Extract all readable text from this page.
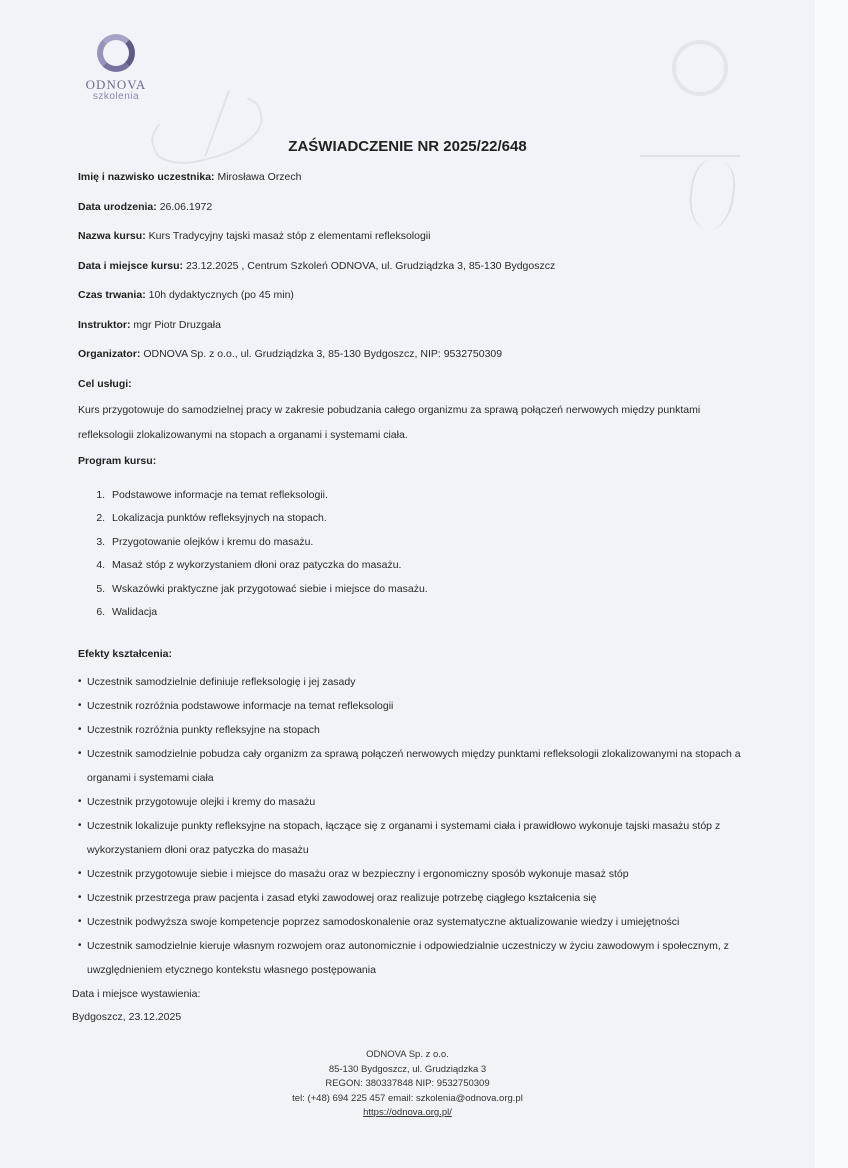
ODNOVA
szkolenia
ZAŚWIADCZENIE NR 2025/22/648
Imię i nazwisko uczestnika: Mirosława Orzech
Data urodzenia: 26.06.1972
Nazwa kursu: Kurs Tradycyjny tajski masaż stóp z elementami refleksologii
Data i miejsce kursu: 23.12.2025 , Centrum Szkoleń ODNOVA, ul. Grudziądzka 3, 85-130 Bydgoszcz
Czas trwania: 10h dydaktycznych (po 45 min)
Instruktor: mgr Piotr Druzgała
Organizator: ODNOVA Sp. z o.o., ul. Grudziądzka 3, 85-130 Bydgoszcz, NIP: 9532750309
Cel usługi:
Kurs przygotowuje do samodzielnej pracy w zakresie pobudzania całego organizmu za sprawą połączeń nerwowych między punktami refleksologii zlokalizowanymi na stopach a organami i systemami ciała.
Program kursu:
1. Podstawowe informacje na temat refleksologii.
2. Lokalizacja punktów refleksyjnych na stopach.
3. Przygotowanie olejków i kremu do masażu.
4. Masaż stóp z wykorzystaniem dłoni oraz patyczka do masażu.
5. Wskazówki praktyczne jak przygotować siebie i miejsce do masażu.
6. Walidacja
Efekty kształcenia:
• Uczestnik samodzielnie definiuje refleksologię i jej zasady
• Uczestnik rozróżnia podstawowe informacje na temat refleksologii
• Uczestnik rozróżnia punkty refleksyjne na stopach
• Uczestnik samodzielnie pobudza cały organizm za sprawą połączeń nerwowych między punktami refleksologii zlokalizowanymi na stopach a organami i systemami ciała
• Uczestnik przygotowuje olejki i kremy do masażu
• Uczestnik lokalizuje punkty refleksyjne na stopach, łączące się z organami i systemami ciała i prawidłowo wykonuje tajski masażu stóp z wykorzystaniem dłoni oraz patyczka do masażu
• Uczestnik przygotowuje siebie i miejsce do masażu oraz w bezpieczny i ergonomiczny sposób wykonuje masaż stóp
• Uczestnik przestrzega praw pacjenta i zasad etyki zawodowej oraz realizuje potrzebę ciągłego kształcenia się
• Uczestnik podwyższa swoje kompetencje poprzez samodoskonalenie oraz systematyczne aktualizowanie wiedzy i umiejętności
• Uczestnik samodzielnie kieruje własnym rozwojem oraz autonomicznie i odpowiedzialnie uczestniczy w życiu zawodowym i społecznym, z uwzględnieniem etycznego kontekstu własnego postępowania
Data i miejsce wystawienia:
Bydgoszcz, 23.12.2025
ODNOVA Sp. z o.o.
85-130 Bydgoszcz, ul. Grudziądzka 3
REGON: 380337848 NIP: 9532750309
tel: (+48) 694 225 457 email: szkolenia@odnova.org.pl
https://odnova.org.pl/
